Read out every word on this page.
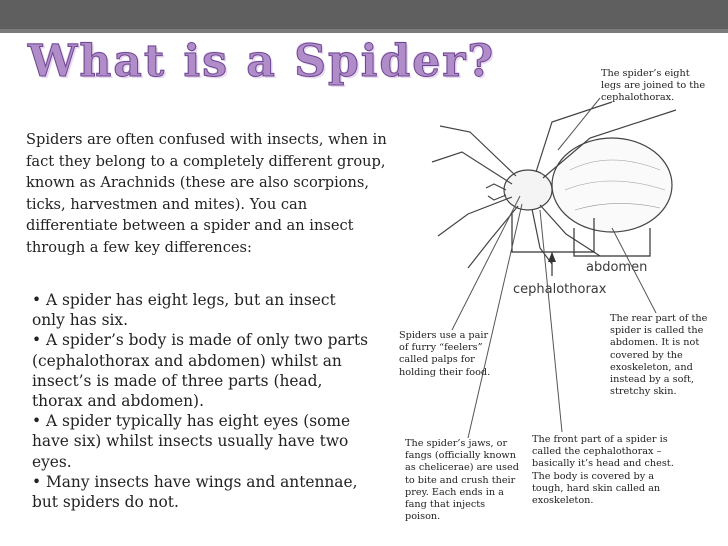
What is a Spider?

Spiders are often confused with insects, when in fact they belong to a completely different group, known as Arachnids (these are also scorpions, ticks, harvestmen and mites). You can differentiate between a spider and an insect through a few key differences:

• A spider has eight legs, but an insect only has six.
• A spider’s body is made of only two parts (cephalothorax and abdomen) whilst an insect’s is made of three parts (head, thorax and abdomen).
• A spider typically has eight eyes (some have six) whilst insects usually have two eyes.
• Many insects have wings and antennae, but spiders do not.
abdomen
cephalothorax

The spider’s eight legs are joined to the cephalothorax.

Spiders use a pair of furry “feelers” called palps for holding their food.

The rear part of the spider is called the abdomen. It is not covered by the exoskeleton, and instead by a soft, stretchy skin.

The spider’s jaws, or fangs (officially known as chelicerae) are used to bite and crush their prey. Each ends in a fang that injects poison.

The front part of a spider is called the cephalothorax – basically it’s head and chest. The body is covered by a tough, hard skin called an exoskeleton.
